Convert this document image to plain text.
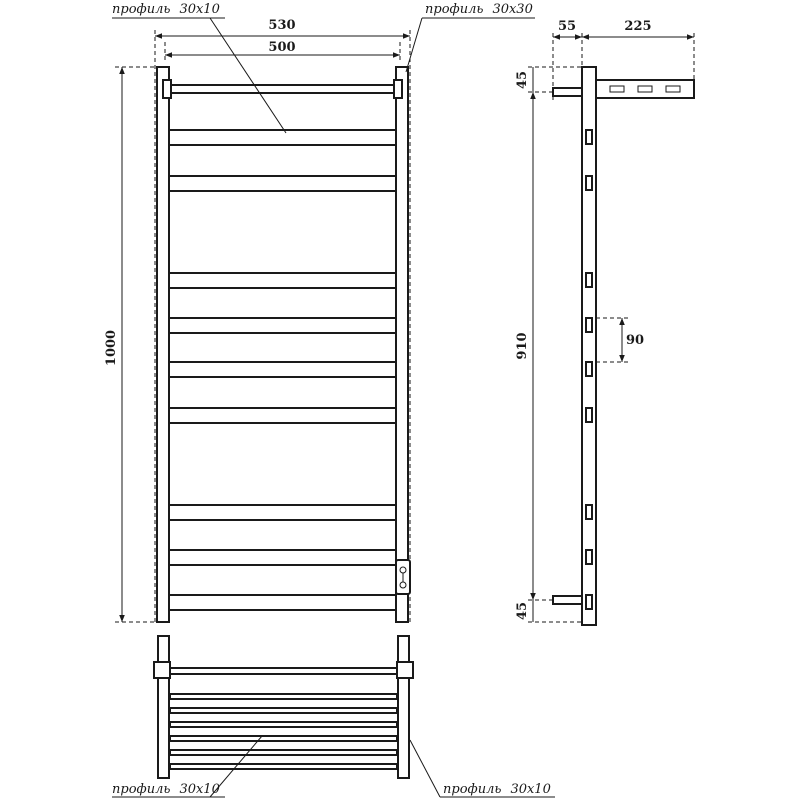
530
500
1000
профиль 30x10	профиль 30x30
профиль 30x10	профиль 30x10
55	225
45
910
45
90
